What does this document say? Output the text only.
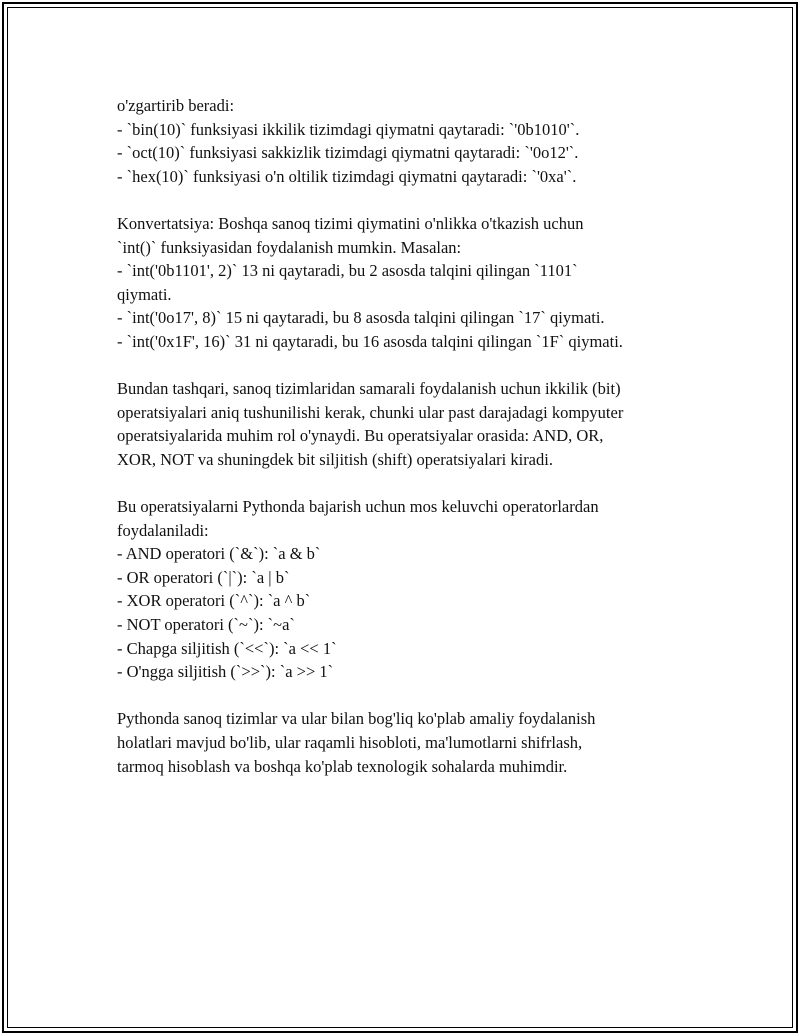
o'zgartirib beradi:
- `bin(10)` funksiyasi ikkilik tizimdagi qiymatni qaytaradi: `'0b1010'`.
- `oct(10)` funksiyasi sakkizlik tizimdagi qiymatni qaytaradi: `'0o12'`.
- `hex(10)` funksiyasi o'n oltilik tizimdagi qiymatni qaytaradi: `'0xa'`.
Konvertatsiya: Boshqa sanoq tizimi qiymatini o'nlikka o'tkazish uchun
`int()` funksiyasidan foydalanish mumkin. Masalan:
- `int('0b1101', 2)` 13 ni qaytaradi, bu 2 asosda talqini qilingan `1101`
qiymati.
- `int('0o17', 8)` 15 ni qaytaradi, bu 8 asosda talqini qilingan `17` qiymati.
- `int('0x1F', 16)` 31 ni qaytaradi, bu 16 asosda talqini qilingan `1F` qiymati.
Bundan tashqari, sanoq tizimlaridan samarali foydalanish uchun ikkilik (bit)
operatsiyalari aniq tushunilishi kerak, chunki ular past darajadagi kompyuter
operatsiyalarida muhim rol o'ynaydi. Bu operatsiyalar orasida: AND, OR,
XOR, NOT va shuningdek bit siljitish (shift) operatsiyalari kiradi.
Bu operatsiyalarni Pythonda bajarish uchun mos keluvchi operatorlardan
foydalaniladi:
- AND operatori (`&`): `a & b`
- OR operatori (`|`): `a | b`
- XOR operatori (`^`): `a ^ b`
- NOT operatori (`~`): `~a`
- Chapga siljitish (`<<`): `a << 1`
- O'ngga siljitish (`>>`): `a >> 1`
Pythonda sanoq tizimlar va ular bilan bog'liq ko'plab amaliy foydalanish
holatlari mavjud bo'lib, ular raqamli hisobloti, ma'lumotlarni shifrlash,
tarmoq hisoblash va boshqa ko'plab texnologik sohalarda muhimdir.
